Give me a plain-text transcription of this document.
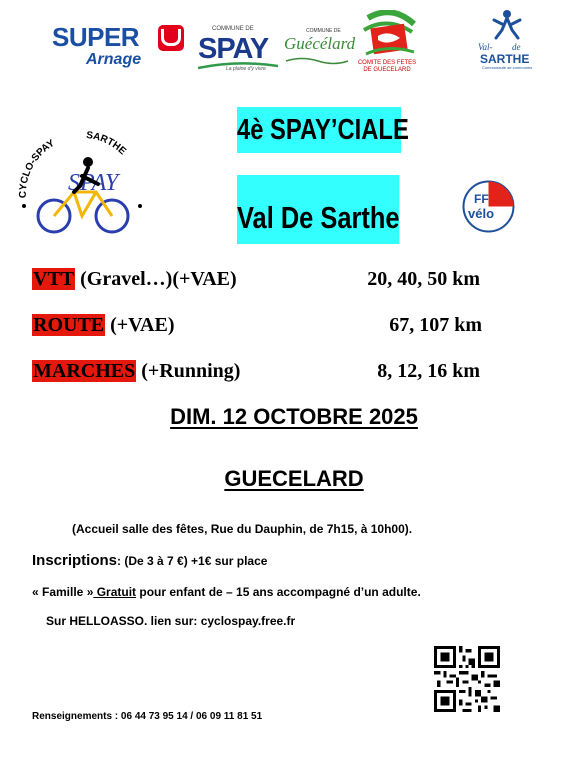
SUPER
Arnage
COMMUNE DE
SPAY
La plaine d'y vivre
COMMUNE DE
Guécélard
COMITE DES FETES
DE GUECELARD
Val- de
SARTHE
Communauté de communes
4è SPAY’CIALE
Val De Sarthe
CYCLO-SPAY
SARTHE
SPAY
FF
vélo
VTT (Gravel…)(+VAE)	20, 40, 50 km
ROUTE (+VAE)	67, 107 km
MARCHES (+Running)	8, 12, 16 km
DIM. 12 OCTOBRE 2025
GUECELARD
(Accueil salle des fêtes, Rue du Dauphin, de 7h15, à 10h00).
Inscriptions: (De 3 à 7 €) +1€ sur place
« Famille » Gratuit pour enfant de – 15 ans accompagné d’un adulte.
Sur HELLOASSO. lien sur: cyclospay.free.fr
Renseignements : 06 44 73 95 14 / 06 09 11 81 51
